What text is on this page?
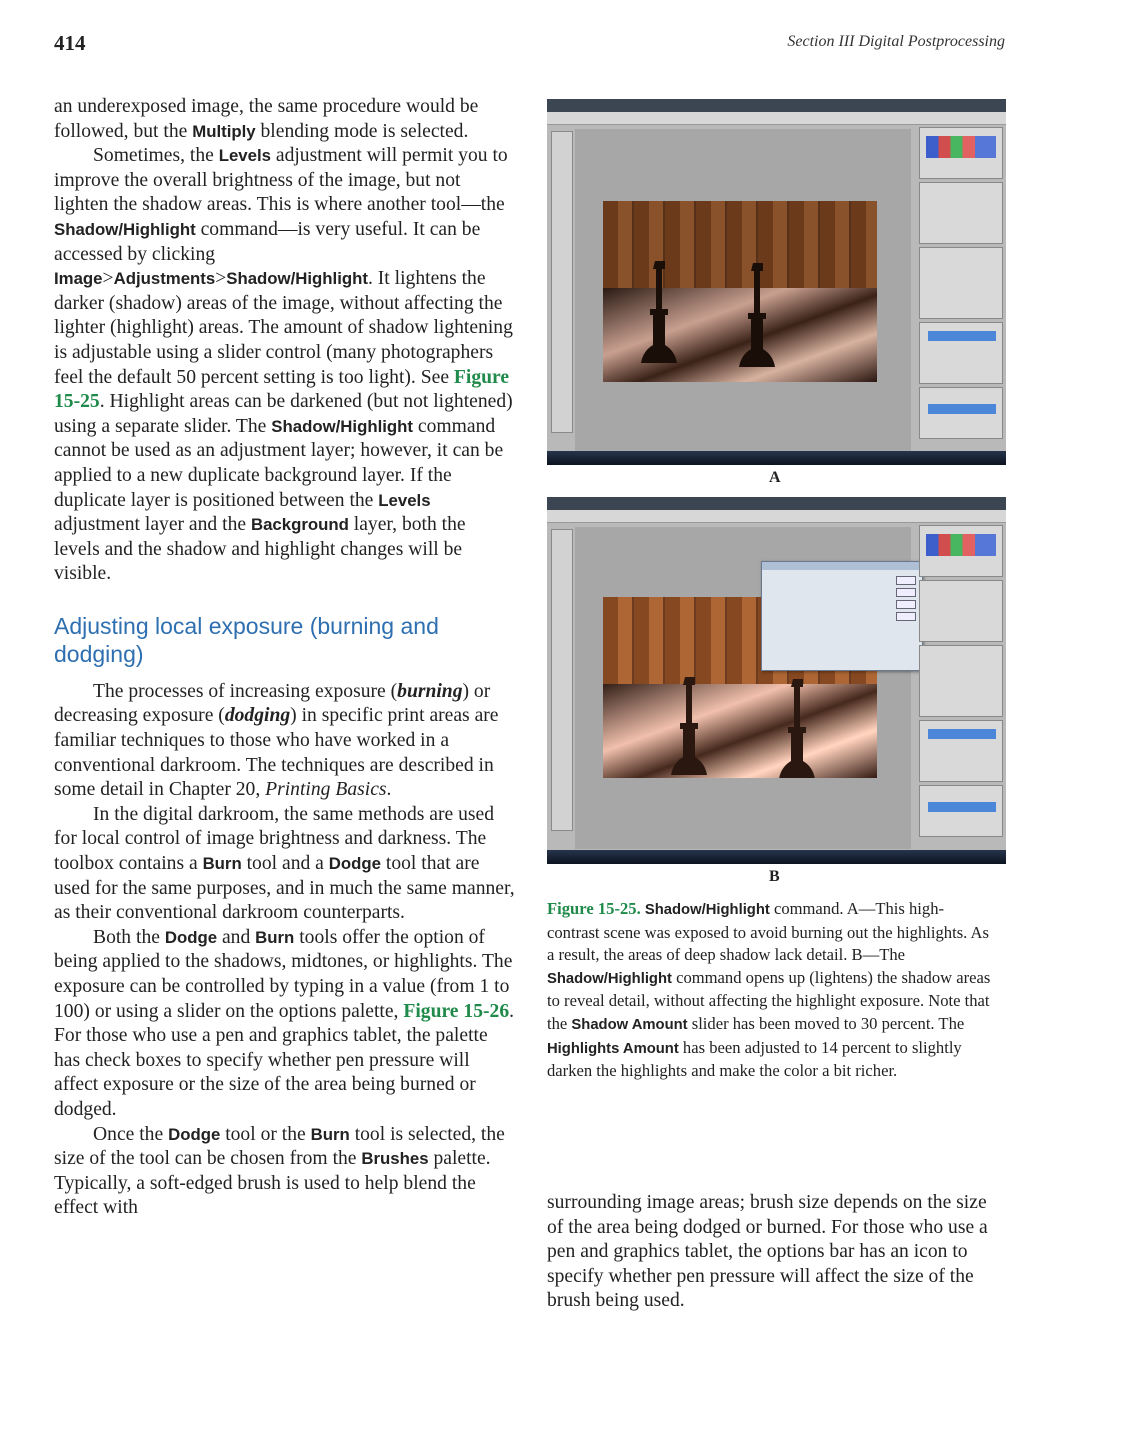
414	Section III Digital Postprocessing

an underexposed image, the same procedure would be followed, but the Multiply blending mode is selected.

Sometimes, the Levels adjustment will permit you to improve the overall brightness of the image, but not lighten the shadow areas. This is where another tool—the Shadow/Highlight command—is very useful. It can be accessed by clicking Image>Adjustments>Shadow/Highlight. It lightens the darker (shadow) areas of the image, without affecting the lighter (highlight) areas. The amount of shadow lightening is adjustable using a slider control (many photographers feel the default 50 percent setting is too light). See Figure 15-25. Highlight areas can be darkened (but not lightened) using a separate slider. The Shadow/Highlight command cannot be used as an adjustment layer; however, it can be applied to a new duplicate background layer. If the duplicate layer is positioned between the Levels adjustment layer and the Background layer, both the levels and the shadow and highlight changes will be visible.

Adjusting local exposure (burning and dodging)

The processes of increasing exposure (burning) or decreasing exposure (dodging) in specific print areas are familiar techniques to those who have worked in a conventional darkroom. The techniques are described in some detail in Chapter 20, Printing Basics.

In the digital darkroom, the same methods are used for local control of image brightness and darkness. The toolbox contains a Burn tool and a Dodge tool that are used for the same purposes, and in much the same manner, as their conventional darkroom counterparts.

Both the Dodge and Burn tools offer the option of being applied to the shadows, midtones, or highlights. The exposure can be controlled by typing in a value (from 1 to 100) or using a slider on the options palette, Figure 15-26. For those who use a pen and graphics tablet, the palette has check boxes to specify whether pen pressure will affect exposure or the size of the area being burned or dodged.

Once the Dodge tool or the Burn tool is selected, the size of the tool can be chosen from the Brushes palette. Typically, a soft-edged brush is used to help blend the effect with

A
B
Figure 15-25. Shadow/Highlight command. A—This high-contrast scene was exposed to avoid burning out the highlights. As a result, the areas of deep shadow lack detail. B—The Shadow/Highlight command opens up (lightens) the shadow areas to reveal detail, without affecting the highlight exposure. Note that the Shadow Amount slider has been moved to 30 percent. The Highlights Amount has been adjusted to 14 percent to slightly darken the highlights and make the color a bit richer.

surrounding image areas; brush size depends on the size of the area being dodged or burned. For those who use a pen and graphics tablet, the options bar has an icon to specify whether pen pressure will affect the size of the brush being used.
